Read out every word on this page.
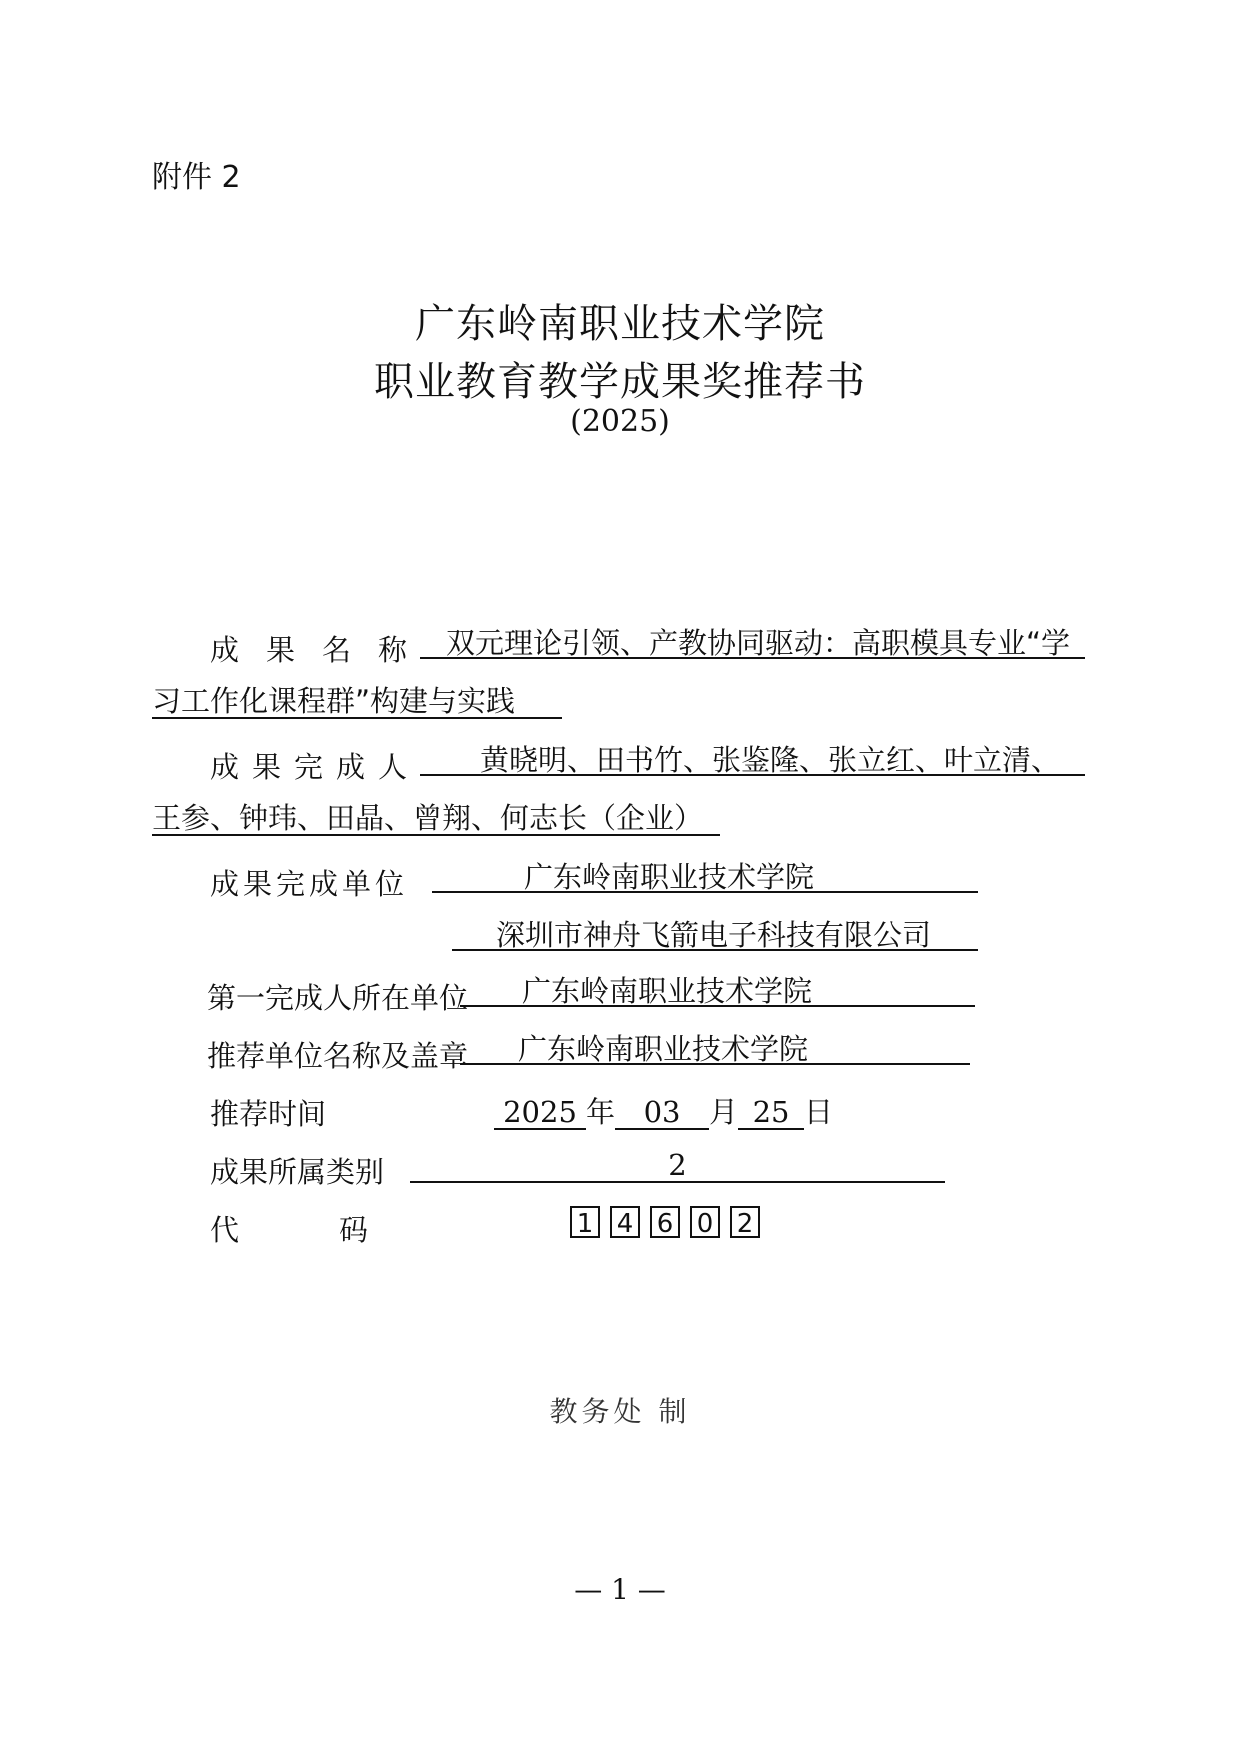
附件 2
广东岭南职业技术学院
职业教育教学成果奖推荐书
(2025)
成果名称 双元理论引领、产教协同驱动：高职模具专业“学
习工作化课程群”构建与实践
成果完成人	黄晓明、田书竹、张鉴隆、张立红、叶立清、
王参、钟玮、田晶、曾翔、何志长（企业）
成果完成单位	广东岭南职业技术学院
深圳市神舟飞箭电子科技有限公司
第一完成人所在单位	广东岭南职业技术学院
推荐单位名称及盖章	广东岭南职业技术学院
推荐时间	2025 年 03 月 25 日
成果所属类别	2
代码	1 4 6 0 2
教务处 制
— 1 —
